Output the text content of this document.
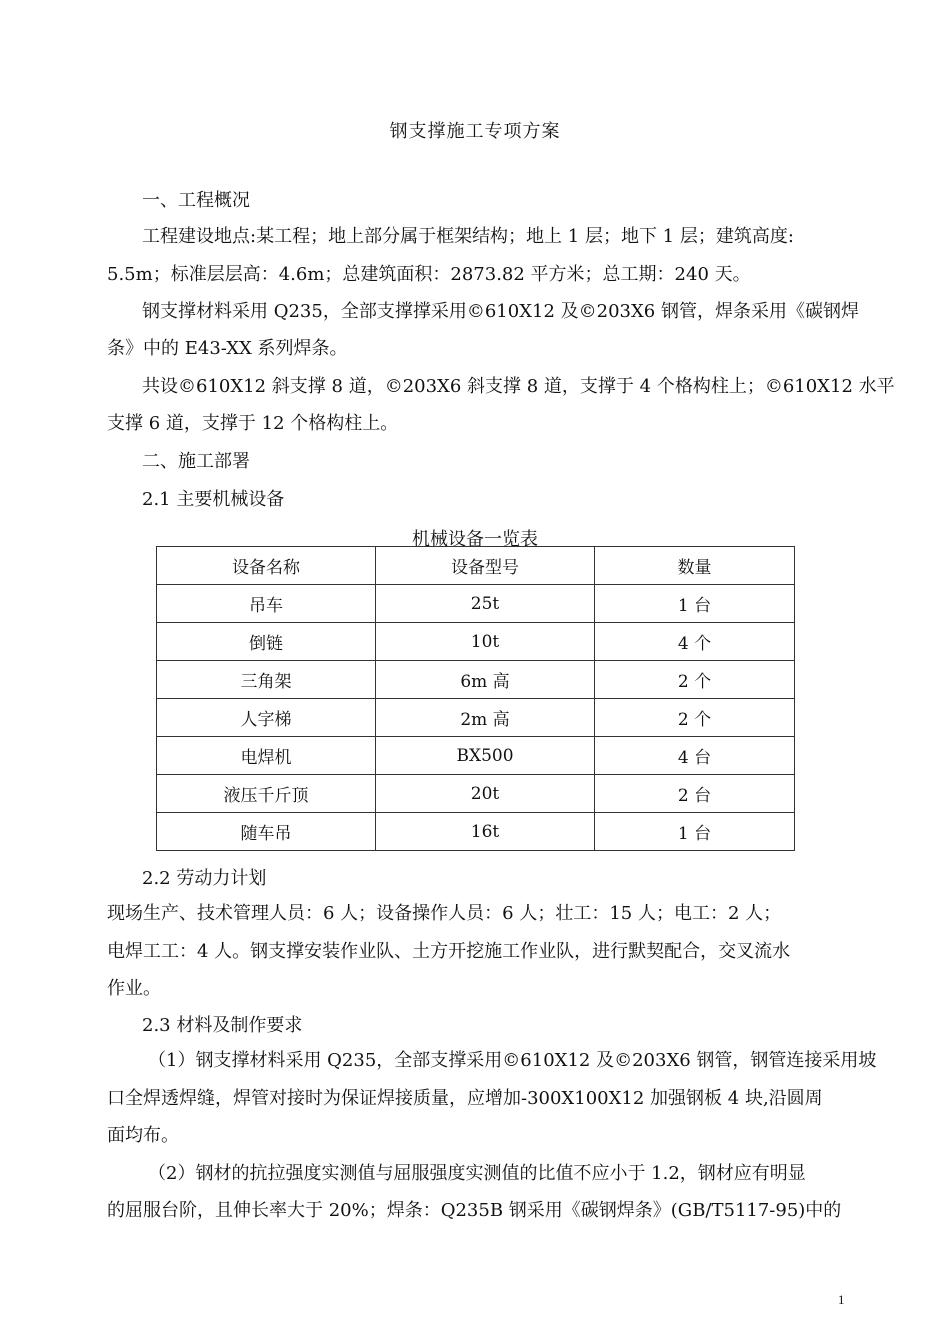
钢支撑施工专项方案
一、工程概况
工程建设地点:某工程；地上部分属于框架结构；地上 1 层；地下 1 层；建筑高度:
5.5m；标准层层高：4.6m；总建筑面积：2873.82 平方米；总工期：240 天。
钢支撑材料采用 Q235，全部支撑撑采用©610X12 及©203X6 钢管，焊条采用《碳钢焊
条》中的 E43-XX 系列焊条。
共设©610X12 斜支撑 8 道，©203X6 斜支撑 8 道，支撑于 4 个格构柱上；©610X12 水平
支撑 6 道，支撑于 12 个格构柱上。
二、施工部署
2.1 主要机械设备
机械设备一览表
设备名称	设备型号	数量
吊车	25t	1 台
倒链	10t	4 个
三角架	6m 高	2 个
人字梯	2m 高	2 个
电焊机	BX500	4 台
液压千斤顶	20t	2 台
随车吊	16t	1 台
2.2 劳动力计划
现场生产、技术管理人员：6 人；设备操作人员：6 人；壮工：15 人；电工：2 人；
电焊工工：4 人。钢支撑安装作业队、土方开挖施工作业队，进行默契配合，交叉流水
作业。
2.3 材料及制作要求
（1）钢支撑材料采用 Q235，全部支撑采用©610X12 及©203X6 钢管，钢管连接采用坡
口全焊透焊缝，焊管对接时为保证焊接质量，应增加-300X100X12 加强钢板 4 块,沿圆周
面均布。
（2）钢材的抗拉强度实测值与屈服强度实测值的比值不应小于 1.2，钢材应有明显
的屈服台阶，且伸长率大于 20%；焊条：Q235B 钢采用《碳钢焊条》(GB/T5117-95)中的
1
